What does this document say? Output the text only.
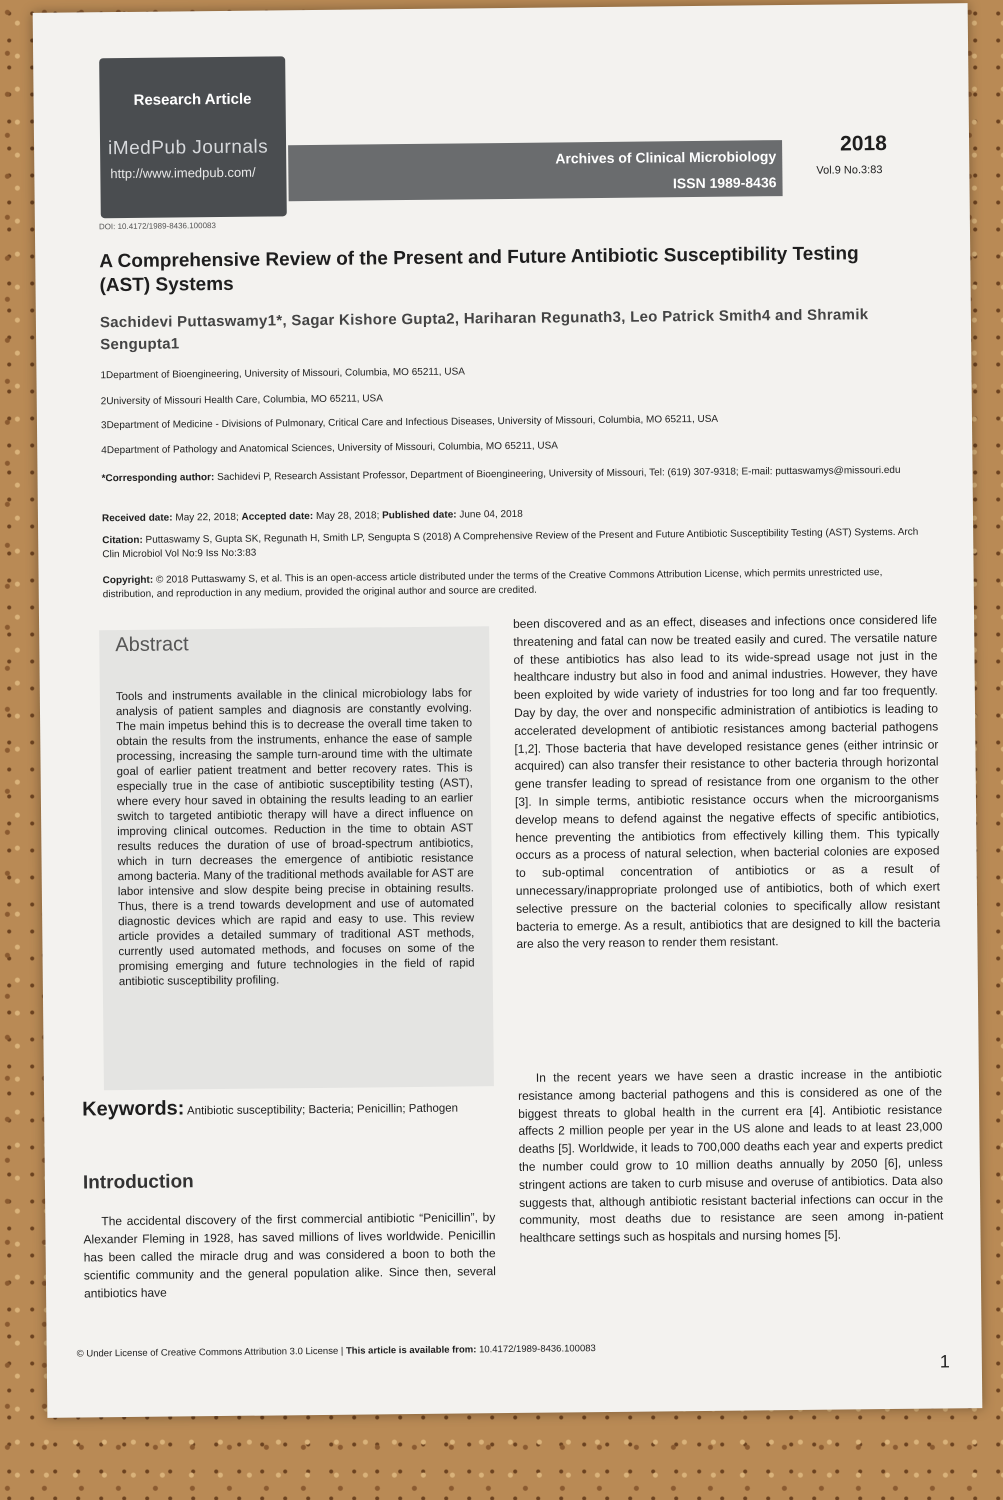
Research Article
iMedPub Journals
http://www.imedpub.com/
Archives of Clinical Microbiology
ISSN 1989-8436
2018
Vol.9 No.3:83
DOI: 10.4172/1989-8436.100083
A Comprehensive Review of the Present and Future Antibiotic Susceptibility Testing (AST) Systems
Sachidevi Puttaswamy1*, Sagar Kishore Gupta2, Hariharan Regunath3, Leo Patrick Smith4 and Shramik Sengupta1
1Department of Bioengineering, University of Missouri, Columbia, MO 65211, USA
2University of Missouri Health Care, Columbia, MO 65211, USA
3Department of Medicine - Divisions of Pulmonary, Critical Care and Infectious Diseases, University of Missouri, Columbia, MO 65211, USA
4Department of Pathology and Anatomical Sciences, University of Missouri, Columbia, MO 65211, USA
*Corresponding author: Sachidevi P, Research Assistant Professor, Department of Bioengineering, University of Missouri, Tel: (619) 307-9318; E-mail: puttaswamys@missouri.edu
Received date: May 22, 2018; Accepted date: May 28, 2018; Published date: June 04, 2018
Citation: Puttaswamy S, Gupta SK, Regunath H, Smith LP, Sengupta S (2018) A Comprehensive Review of the Present and Future Antibiotic Susceptibility Testing (AST) Systems. Arch Clin Microbiol Vol No:9 Iss No:3:83
Copyright: © 2018 Puttaswamy S, et al. This is an open-access article distributed under the terms of the Creative Commons Attribution License, which permits unrestricted use, distribution, and reproduction in any medium, provided the original author and source are credited.
Abstract
Tools and instruments available in the clinical microbiology labs for analysis of patient samples and diagnosis are constantly evolving. The main impetus behind this is to decrease the overall time taken to obtain the results from the instruments, enhance the ease of sample processing, increasing the sample turn-around time with the ultimate goal of earlier patient treatment and better recovery rates. This is especially true in the case of antibiotic susceptibility testing (AST), where every hour saved in obtaining the results leading to an earlier switch to targeted antibiotic therapy will have a direct influence on improving clinical outcomes. Reduction in the time to obtain AST results reduces the duration of use of broad-spectrum antibiotics, which in turn decreases the emergence of antibiotic resistance among bacteria. Many of the traditional methods available for AST are labor intensive and slow despite being precise in obtaining results. Thus, there is a trend towards development and use of automated diagnostic devices which are rapid and easy to use. This review article provides a detailed summary of traditional AST methods, currently used automated methods, and focuses on some of the promising emerging and future technologies in the field of rapid antibiotic susceptibility profiling.
Keywords: Antibiotic susceptibility; Bacteria; Penicillin; Pathogen
Introduction
The accidental discovery of the first commercial antibiotic “Penicillin”, by Alexander Fleming in 1928, has saved millions of lives worldwide. Penicillin has been called the miracle drug and was considered a boon to both the scientific community and the general population alike. Since then, several antibiotics have
been discovered and as an effect, diseases and infections once considered life threatening and fatal can now be treated easily and cured. The versatile nature of these antibiotics has also lead to its wide-spread usage not just in the healthcare industry but also in food and animal industries. However, they have been exploited by wide variety of industries for too long and far too frequently. Day by day, the over and nonspecific administration of antibiotics is leading to accelerated development of antibiotic resistances among bacterial pathogens [1,2]. Those bacteria that have developed resistance genes (either intrinsic or acquired) can also transfer their resistance to other bacteria through horizontal gene transfer leading to spread of resistance from one organism to the other [3]. In simple terms, antibiotic resistance occurs when the microorganisms develop means to defend against the negative effects of specific antibiotics, hence preventing the antibiotics from effectively killing them. This typically occurs as a process of natural selection, when bacterial colonies are exposed to sub-optimal concentration of antibiotics or as a result of unnecessary/inappropriate prolonged use of antibiotics, both of which exert selective pressure on the bacterial colonies to specifically allow resistant bacteria to emerge. As a result, antibiotics that are designed to kill the bacteria are also the very reason to render them resistant.
In the recent years we have seen a drastic increase in the antibiotic resistance among bacterial pathogens and this is considered as one of the biggest threats to global health in the current era [4]. Antibiotic resistance affects 2 million people per year in the US alone and leads to at least 23,000 deaths [5]. Worldwide, it leads to 700,000 deaths each year and experts predict the number could grow to 10 million deaths annually by 2050 [6], unless stringent actions are taken to curb misuse and overuse of antibiotics. Data also suggests that, although antibiotic resistant bacterial infections can occur in the community, most deaths due to resistance are seen among in-patient healthcare settings such as hospitals and nursing homes [5].
© Under License of Creative Commons Attribution 3.0 License | This article is available from: 10.4172/1989-8436.100083
1
